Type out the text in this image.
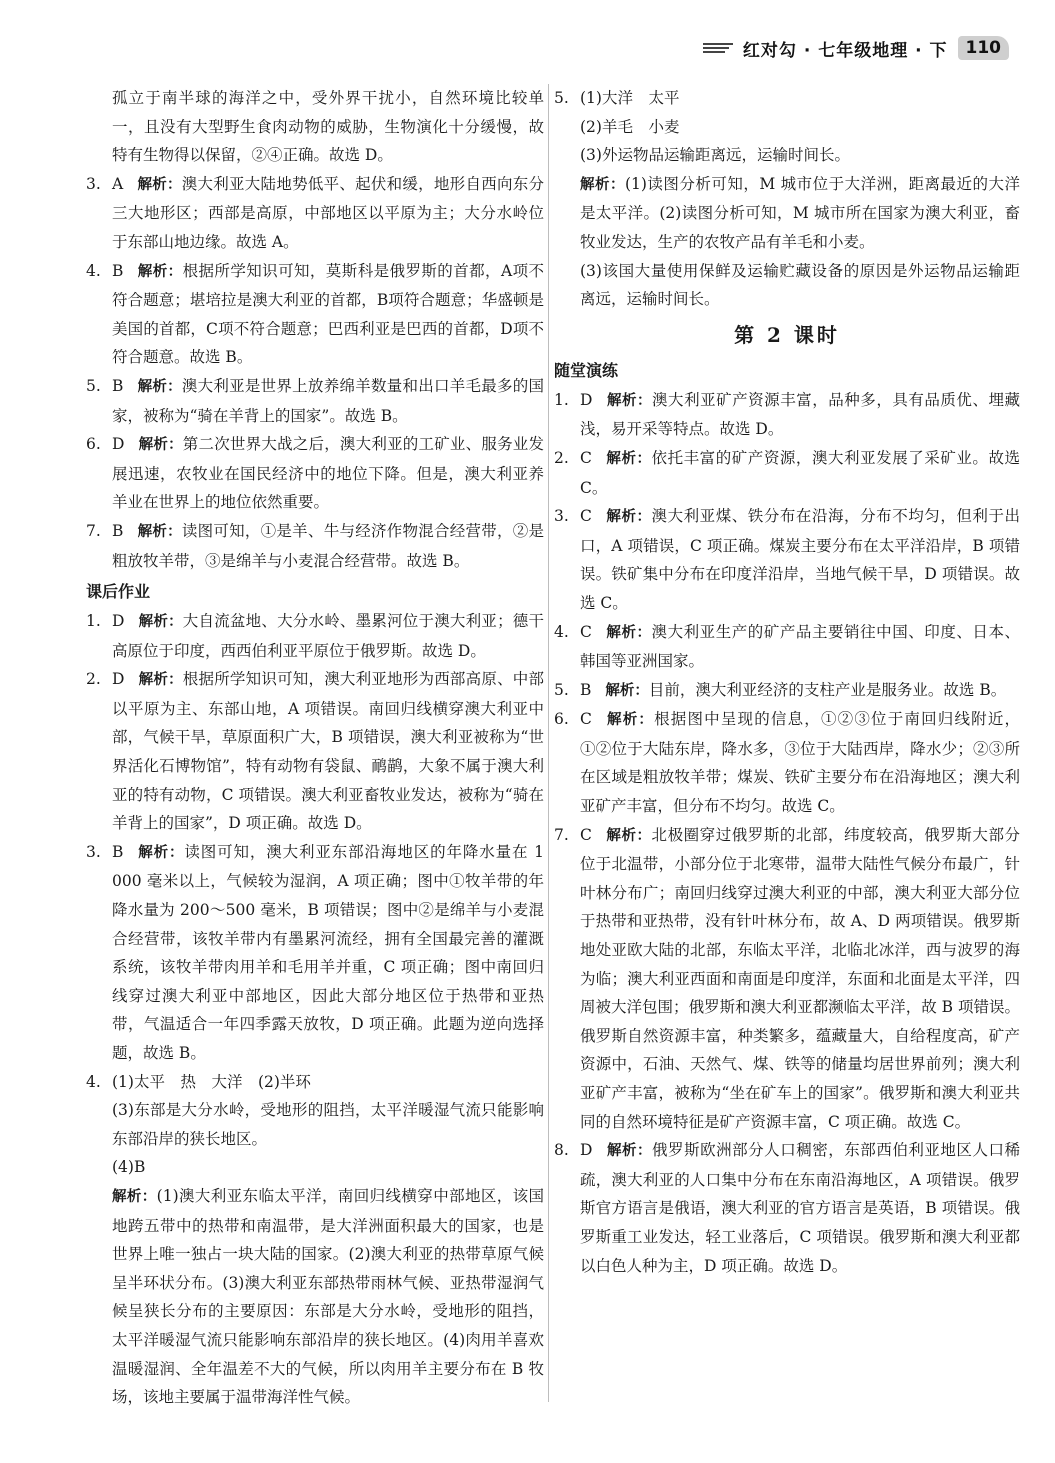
红对勾 · 七年级地理 · 下	110
孤立于南半球的海洋之中，受外界干扰小，自然环境比较单一，且没有大型野生食肉动物的威胁，生物演化十分缓慢，故特有生物得以保留，②④正确。故选 D。
3. A 解析：澳大利亚大陆地势低平、起伏和缓，地形自西向东分三大地形区；西部是高原，中部地区以平原为主；大分水岭位于东部山地边缘。故选 A。
4. B 解析：根据所学知识可知，莫斯科是俄罗斯的首都，A项不符合题意；堪培拉是澳大利亚的首都，B项符合题意；华盛顿是美国的首都，C项不符合题意；巴西利亚是巴西的首都，D项不符合题意。故选 B。
5. B 解析：澳大利亚是世界上放养绵羊数量和出口羊毛最多的国家，被称为“骑在羊背上的国家”。故选 B。
6. D 解析：第二次世界大战之后，澳大利亚的工矿业、服务业发展迅速，农牧业在国民经济中的地位下降。但是，澳大利亚养羊业在世界上的地位依然重要。
7. B 解析：读图可知，①是羊、牛与经济作物混合经营带，②是粗放牧羊带，③是绵羊与小麦混合经营带。故选 B。
课后作业
1. D 解析：大自流盆地、大分水岭、墨累河位于澳大利亚；德干高原位于印度，西西伯利亚平原位于俄罗斯。故选 D。
2. D 解析：根据所学知识可知，澳大利亚地形为西部高原、中部以平原为主、东部山地，A 项错误。南回归线横穿澳大利亚中部，气候干旱，草原面积广大，B 项错误，澳大利亚被称为“世界活化石博物馆”，特有动物有袋鼠、鸸鹋，大象不属于澳大利亚的特有动物，C 项错误。澳大利亚畜牧业发达，被称为“骑在羊背上的国家”，D 项正确。故选 D。
3. B 解析：读图可知，澳大利亚东部沿海地区的年降水量在 1 000 毫米以上，气候较为湿润，A 项正确；图中①牧羊带的年降水量为 200～500 毫米，B 项错误；图中②是绵羊与小麦混合经营带，该牧羊带内有墨累河流经，拥有全国最完善的灌溉系统，该牧羊带肉用羊和毛用羊并重，C 项正确；图中南回归线穿过澳大利亚中部地区，因此大部分地区位于热带和亚热带，气温适合一年四季露天放牧，D 项正确。此题为逆向选择题，故选 B。
4. (1)太平　热　大洋　(2)半环
(3)东部是大分水岭，受地形的阻挡，太平洋暖湿气流只能影响东部沿岸的狭长地区。
(4)B
解析：(1)澳大利亚东临太平洋，南回归线横穿中部地区，该国地跨五带中的热带和南温带，是大洋洲面积最大的国家，也是世界上唯一独占一块大陆的国家。(2)澳大利亚的热带草原气候呈半环状分布。(3)澳大利亚东部热带雨林气候、亚热带湿润气候呈狭长分布的主要原因：东部是大分水岭，受地形的阻挡，太平洋暖湿气流只能影响东部沿岸的狭长地区。(4)肉用羊喜欢温暖湿润、全年温差不大的气候，所以肉用羊主要分布在 B 牧场，该地主要属于温带海洋性气候。
5. (1)大洋　太平
(2)羊毛　小麦
(3)外运物品运输距离远，运输时间长。
解析：(1)读图分析可知，M 城市位于大洋洲，距离最近的大洋是太平洋。(2)读图分析可知，M 城市所在国家为澳大利亚，畜牧业发达，生产的农牧产品有羊毛和小麦。
(3)该国大量使用保鲜及运输贮藏设备的原因是外运物品运输距离远，运输时间长。
第 2 课时
随堂演练
1. D 解析：澳大利亚矿产资源丰富，品种多，具有品质优、埋藏浅，易开采等特点。故选 D。
2. C 解析：依托丰富的矿产资源，澳大利亚发展了采矿业。故选 C。
3. C 解析：澳大利亚煤、铁分布在沿海，分布不均匀，但利于出口，A 项错误，C 项正确。煤炭主要分布在太平洋沿岸，B 项错误。铁矿集中分布在印度洋沿岸，当地气候干旱，D 项错误。故选 C。
4. C 解析：澳大利亚生产的矿产品主要销往中国、印度、日本、韩国等亚洲国家。
5. B 解析：目前，澳大利亚经济的支柱产业是服务业。故选 B。
6. C 解析：根据图中呈现的信息，①②③位于南回归线附近，①②位于大陆东岸，降水多，③位于大陆西岸，降水少；②③所在区域是粗放牧羊带；煤炭、铁矿主要分布在沿海地区；澳大利亚矿产丰富，但分布不均匀。故选 C。
7. C 解析：北极圈穿过俄罗斯的北部，纬度较高，俄罗斯大部分位于北温带，小部分位于北寒带，温带大陆性气候分布最广，针叶林分布广；南回归线穿过澳大利亚的中部，澳大利亚大部分位于热带和亚热带，没有针叶林分布，故 A、D 两项错误。俄罗斯地处亚欧大陆的北部，东临太平洋，北临北冰洋，西与波罗的海为临；澳大利亚西面和南面是印度洋，东面和北面是太平洋，四周被大洋包围；俄罗斯和澳大利亚都濒临太平洋，故 B 项错误。俄罗斯自然资源丰富，种类繁多，蕴藏量大，自给程度高，矿产资源中，石油、天然气、煤、铁等的储量均居世界前列；澳大利亚矿产丰富，被称为“坐在矿车上的国家”。俄罗斯和澳大利亚共同的自然环境特征是矿产资源丰富，C 项正确。故选 C。
8. D 解析：俄罗斯欧洲部分人口稠密，东部西伯利亚地区人口稀疏，澳大利亚的人口集中分布在东南沿海地区，A 项错误。俄罗斯官方语言是俄语，澳大利亚的官方语言是英语，B 项错误。俄罗斯重工业发达，轻工业落后，C 项错误。俄罗斯和澳大利亚都以白色人种为主，D 项正确。故选 D。
